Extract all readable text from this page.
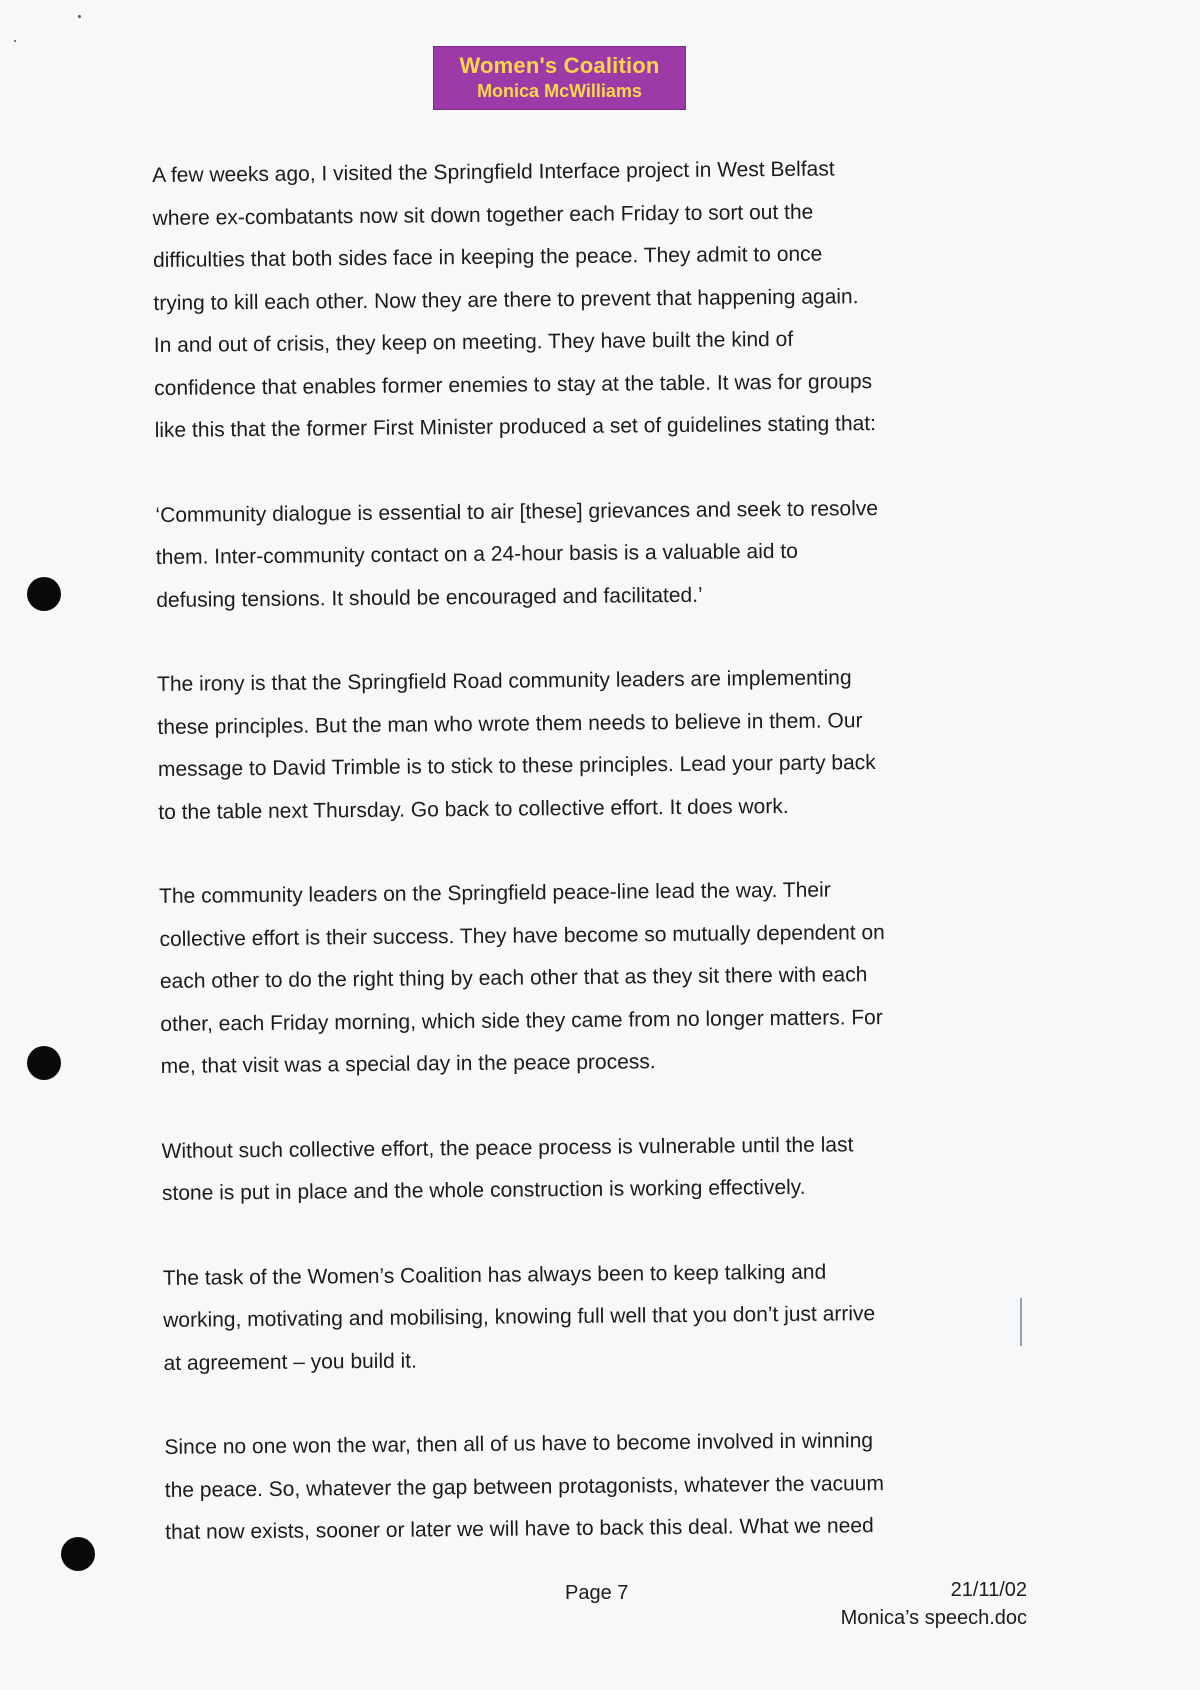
Women's Coalition
Monica McWilliams

A few weeks ago, I visited the Springfield Interface project in West Belfast
where ex-combatants now sit down together each Friday to sort out the
difficulties that both sides face in keeping the peace. They admit to once
trying to kill each other. Now they are there to prevent that happening again.
In and out of crisis, they keep on meeting. They have built the kind of
confidence that enables former enemies to stay at the table. It was for groups
like this that the former First Minister produced a set of guidelines stating that:

‘Community dialogue is essential to air [these] grievances and seek to resolve
them. Inter-community contact on a 24-hour basis is a valuable aid to
defusing tensions. It should be encouraged and facilitated.’

The irony is that the Springfield Road community leaders are implementing
these principles. But the man who wrote them needs to believe in them. Our
message to David Trimble is to stick to these principles. Lead your party back
to the table next Thursday. Go back to collective effort. It does work.

The community leaders on the Springfield peace-line lead the way. Their
collective effort is their success. They have become so mutually dependent on
each other to do the right thing by each other that as they sit there with each
other, each Friday morning, which side they came from no longer matters. For
me, that visit was a special day in the peace process.

Without such collective effort, the peace process is vulnerable until the last
stone is put in place and the whole construction is working effectively.

The task of the Women’s Coalition has always been to keep talking and
working, motivating and mobilising, knowing full well that you don’t just arrive
at agreement – you build it.

Since no one won the war, then all of us have to become involved in winning
the peace. So, whatever the gap between protagonists, whatever the vacuum
that now exists, sooner or later we will have to back this deal. What we need

Page 7	21/11/02
Monica’s speech.doc
